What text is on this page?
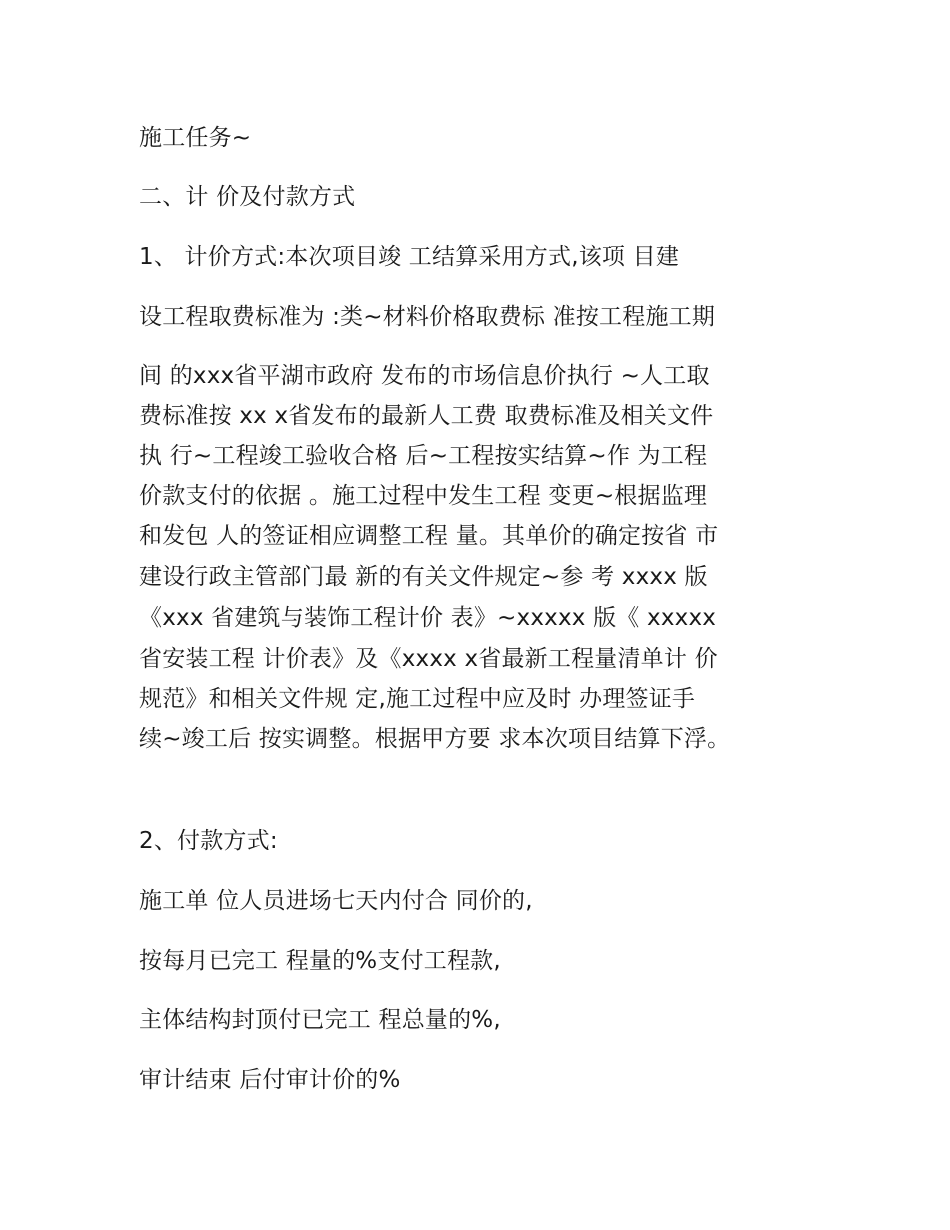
施工任务~
二、计 价及付款方式
1、 计价方式:本次项目竣 工结算采用方式,该项 目建
设工程取费标准为 :类~材料价格取费标 准按工程施工期
间 的xxx省平湖市政府 发布的市场信息价执行 ~人工取
费标准按 xx x省发布的最新人工费 取费标准及相关文件
执 行~工程竣工验收合格 后~工程按实结算~作 为工程
价款支付的依据 。施工过程中发生工程 变更~根据监理
和发包 人的签证相应调整工程 量。其单价的确定按省 市
建设行政主管部门最 新的有关文件规定~参 考 xxxx 版
《xxx 省建筑与装饰工程计价 表》~xxxxx 版《 xxxxx
省安装工程 计价表》及《xxxx x省最新工程量清单计 价
规范》和相关文件规 定,施工过程中应及时 办理签证手
续~竣工后 按实调整。根据甲方要 求本次项目结算下浮。
2、付款方式:
施工单 位人员进场七天内付合 同价的,
按每月已完工 程量的%支付工程款,
主体结构封顶付已完工 程总量的%,
审计结束 后付审计价的%
